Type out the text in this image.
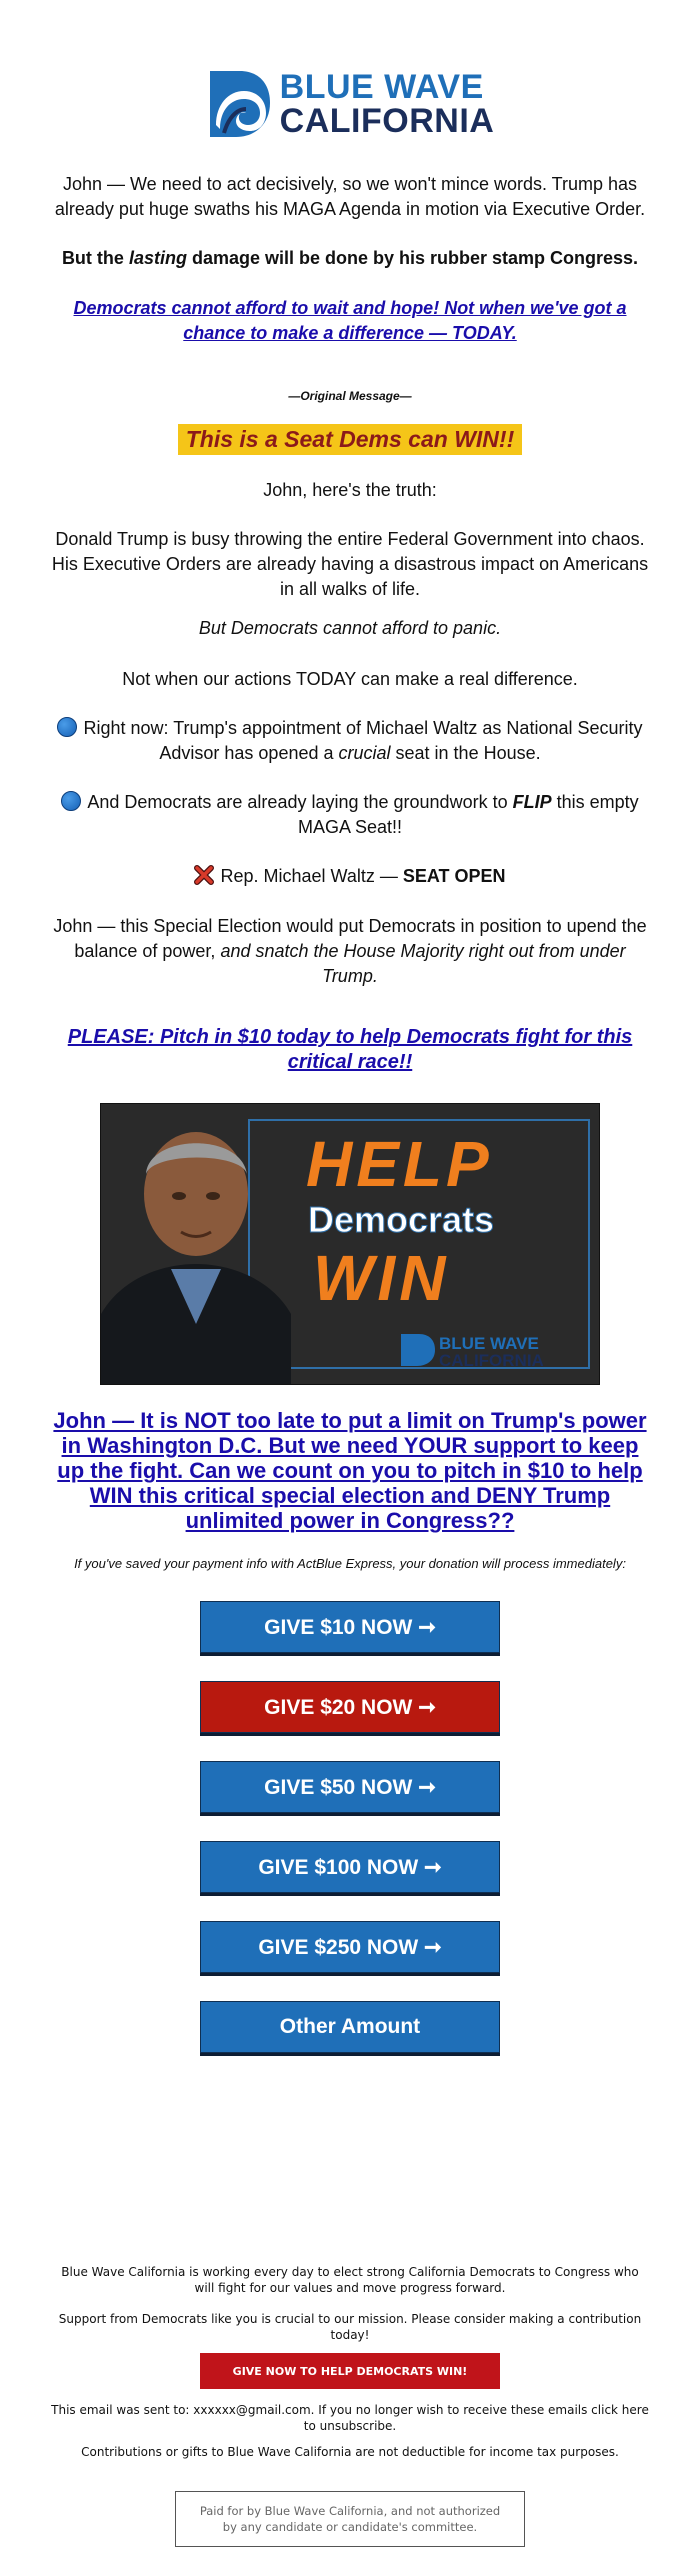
BLUE WAVE
CALIFORNIA

John — We need to act decisively, so we won't mince words. Trump has already put huge swaths his MAGA Agenda in motion via Executive Order.

But the lasting damage will be done by his rubber stamp Congress.

Democrats cannot afford to wait and hope! Not when we've got a chance to make a difference — TODAY.

—Original Message—

This is a Seat Dems can WIN!!

John, here's the truth:

Donald Trump is busy throwing the entire Federal Government into chaos. His Executive Orders are already having a disastrous impact on Americans in all walks of life.

But Democrats cannot afford to panic.

Not when our actions TODAY can make a real difference.

Right now: Trump's appointment of Michael Waltz as National Security Advisor has opened a crucial seat in the House.

And Democrats are already laying the groundwork to FLIP this empty MAGA Seat!!

Rep. Michael Waltz — SEAT OPEN

John — this Special Election would put Democrats in position to upend the balance of power, and snatch the House Majority right out from under Trump.

PLEASE: Pitch in $10 today to help Democrats fight for this critical race!!
HELP
Democrats
WIN
BLUE WAVE
CALIFORNIA
John — It is NOT too late to put a limit on Trump's power in Washington D.C. But we need YOUR support to keep up the fight. Can we count on you to pitch in $10 to help WIN this critical special election and DENY Trump unlimited power in Congress??

If you've saved your payment info with ActBlue Express, your donation will process immediately:

GIVE $10 NOW ➞
GIVE $20 NOW ➞
GIVE $50 NOW ➞
GIVE $100 NOW ➞
GIVE $250 NOW ➞
Other Amount

Blue Wave California is working every day to elect strong California Democrats to Congress who will fight for our values and move progress forward.

Support from Democrats like you is crucial to our mission. Please consider making a contribution today!

GIVE NOW TO HELP DEMOCRATS WIN!

This email was sent to: xxxxxx@gmail.com. If you no longer wish to receive these emails click here to unsubscribe.

Contributions or gifts to Blue Wave California are not deductible for income tax purposes.

Paid for by Blue Wave California, and not authorized by any candidate or candidate's committee.
